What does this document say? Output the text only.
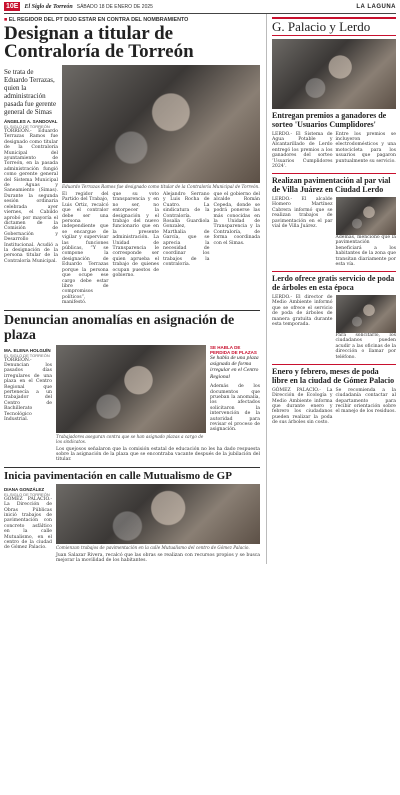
10E	El Siglo de Torreón SÁBADO 18 DE ENERO DE 2025	LA LAGUNA
■ EL REGIDOR DEL PT DIJO ESTAR EN CONTRA DEL NOMBRAMIENTO
Designan a titular de Contraloría de Torreón

Se trata de Eduardo Terrazas, quien la administración pasada fue gerente general de Simas

ÁNGELES A. SANDOVAL

EL SIGLO DE TORREÓN

TORREÓN.- Eduardo Terrazas Ramos fue designado como titular de la Contraloría Municipal del ayuntamiento de Torreón, en la pasada administración fungió como gerente general del Sistema Municipal de Aguas y Saneamiento (Simas). Durante la segunda sesión ordinaria celebrada ayer viernes, el Cabildo aprobó por mayoría el dictamen de la Comisión de Gobernación y Desarrollo Institucional. Acudió a la designación de la persona titular de la Contraloría Municipal.

Eduardo Terrazas Ramos fue designado como titular de la Contraloría Municipal de Torreón.

El regidor del Partido del Trabajo, Luis Ortiz, recalcó que el contralor debe ser una persona independiente que se encargue de vigilar y supervisar las funciones públicas, “Y se compone la designación de Eduardo Terrazas porque la persona que ocupe ese cargo debe estar libre de compromisos políticos”, manifestó.

que su voto transparencia y en no ser, no entorpecer la designación y el trabajo del nuevo funcionario que en la presente administración. La Unidad de Transparencia le corresponde ser quien aprueba el trabajo de quienes ocupan puestos de gobierno.

Alejandro Serrano y Luis Rocha de Cuatro. La sindicatura de la Contraloría. Rosalía Guardiola Gonzalez, Marthalia de García, que se aprecia la necesidad de coordinar los trabajos de la contraloría.

que el gobierno del alcalde Román Cepeda, donde se podrá ponerse las más conocidas en la Unidad de Transparencia y la Contraloría, de forma coordinada con el Simas.

Denuncian anomalías en asignación de plaza

MA. ELENA HOLGUÍN

EL SIGLO DE TORREÓN

TORREÓN.- Denuncian los pasados días irregulares de una plaza en el Centro Regional que pertenecía a un trabajador del Centro de Bachillerato Tecnológico Industrial.

Trabajadores aseguran contra que se han asignado plazas a cargo de los sindicatos.

SE HABLA DE PERDIDA DE PLAZAS

Se habla de una plaza asignada de forma irregular en el Centro Regional

Además de los documentos que prueban la anomalía, los afectados solicitaron la intervención de la autoridad para revisar el proceso de asignación.

Los quejosos señalaron que la comisión estatal de educación no les ha dado respuesta sobre la asignación de la plaza que se encontraba vacante después de la jubilación del titular.

Inicia pavimentación en calle Mutualismo de GP

DIANA GONZÁLEZ

EL SIGLO DE TORREÓN

GÓMEZ PALACIO.- La Dirección de Obras Públicas inició trabajos de pavimentación con concreto asfáltico en la calle Mutualismo, en el centro de la ciudad de Gómez Palacio.	Comienzan trabajos de pavimentación en la calle Mutualismo del centro de Gómez Palacio.

Juan Salazar Rivera, recalcó que las obras se realizan con recursos propios y se busca mejorar la movilidad de los habitantes.

G. Palacio y Lerdo

Entregan premios a ganadores de sorteo 'Usuarios Cumplidores'

LERDO.- El Sistema de Agua Potable y Alcantarillado de Lerdo entregó los premios a los ganadores del sorteo ‘Usuarios Cumplidores 2024’.

Entre los premios se incluyeron electrodomésticos y una motocicleta para los usuarios que pagaron puntualmente su servicio.

Realizan pavimentación al par vial de Villa Juárez en Ciudad Lerdo

LERDO.- El alcalde Homero Martínez Cabrera informó que se realizan trabajos de pavimentación en el par vial de Villa Juárez.

Además, mencionó que la pavimentación beneficiará a los habitantes de la zona que transitan diariamente por esta vía.

Lerdo ofrece gratis servicio de poda de árboles en esta época

LERDO.- El director de Medio Ambiente informó que se ofrece el servicio de poda de árboles de manera gratuita durante esta temporada.

Para solicitarlo, los ciudadanos pueden acudir a las oficinas de la dirección o llamar por teléfono.

Enero y febrero, meses de poda libre en la ciudad de Gómez Palacio

GÓMEZ PALACIO.- La Dirección de Ecología y Medio Ambiente informa que durante enero y febrero los ciudadanos pueden realizar la poda de sus árboles sin costo.

Se recomienda a la ciudadanía contactar al departamento para recibir orientación sobre el manejo de los residuos.
